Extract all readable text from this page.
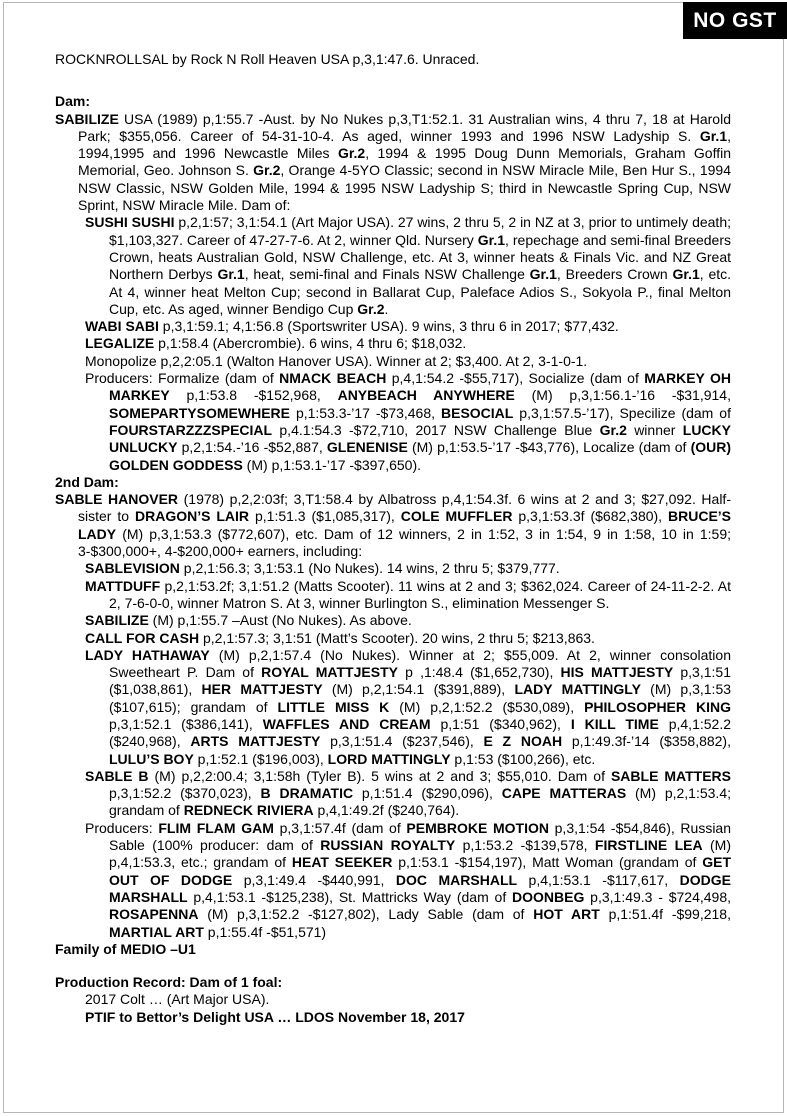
NO GST
ROCKNROLLSAL by Rock N Roll Heaven USA p,3,1:47.6. Unraced.
Dam:
SABILIZE USA (1989) p,1:55.7 -Aust. by No Nukes p,3,T1:52.1. 31 Australian wins, 4 thru 7, 18 at Harold Park; $355,056. Career of 54-31-10-4. As aged, winner 1993 and 1996 NSW Ladyship S. Gr.1, 1994,1995 and 1996 Newcastle Miles Gr.2, 1994 & 1995 Doug Dunn Memorials, Graham Goffin Memorial, Geo. Johnson S. Gr.2, Orange 4-5YO Classic; second in NSW Miracle Mile, Ben Hur S., 1994 NSW Classic, NSW Golden Mile, 1994 & 1995 NSW Ladyship S; third in Newcastle Spring Cup, NSW Sprint, NSW Miracle Mile. Dam of:
SUSHI SUSHI p,2,1:57; 3,1:54.1 (Art Major USA). 27 wins, 2 thru 5, 2 in NZ at 3, prior to untimely death; $1,103,327. Career of 47-27-7-6. At 2, winner Qld. Nursery Gr.1, repechage and semi-final Breeders Crown, heats Australian Gold, NSW Challenge, etc. At 3, winner heats & Finals Vic. and NZ Great Northern Derbys Gr.1, heat, semi-final and Finals NSW Challenge Gr.1, Breeders Crown Gr.1, etc. At 4, winner heat Melton Cup; second in Ballarat Cup, Paleface Adios S., Sokyola P., final Melton Cup, etc. As aged, winner Bendigo Cup Gr.2.
WABI SABI p,3,1:59.1; 4,1:56.8 (Sportswriter USA). 9 wins, 3 thru 6 in 2017; $77,432.
LEGALIZE p,1:58.4 (Abercrombie). 6 wins, 4 thru 6; $18,032.
Monopolize p,2,2:05.1 (Walton Hanover USA). Winner at 2; $3,400. At 2, 3-1-0-1.
Producers: Formalize (dam of NMACK BEACH p,4,1:54.2 -$55,717), Socialize (dam of MARKEY OH MARKEY p,1:53.8 -$152,968, ANYBEACH ANYWHERE (M) p,3,1:56.1-’16 -$31,914, SOMEPARTYSOMEWHERE p,1:53.3-’17 -$73,468, BESOCIAL p,3,1:57.5-’17), Specilize (dam of FOURSTARZZZSPECIAL p,4.1:54.3 -$72,710, 2017 NSW Challenge Blue Gr.2 winner LUCKY UNLUCKY p,2,1:54.-’16 -$52,887, GLENENISE (M) p,1:53.5-’17 -$43,776), Localize (dam of (OUR) GOLDEN GODDESS (M) p,1:53.1-’17 -$397,650).
2nd Dam:
SABLE HANOVER (1978) p,2,2:03f; 3,T1:58.4 by Albatross p,4,1:54.3f. 6 wins at 2 and 3; $27,092. Half-sister to DRAGON’S LAIR p,1:51.3 ($1,085,317), COLE MUFFLER p,3,1:53.3f ($682,380), BRUCE’S LADY (M) p,3,1:53.3 ($772,607), etc. Dam of 12 winners, 2 in 1:52, 3 in 1:54, 9 in 1:58, 10 in 1:59; 3-$300,000+, 4-$200,000+ earners, including:
SABLEVISION p,2,1:56.3; 3,1:53.1 (No Nukes). 14 wins, 2 thru 5; $379,777.
MATTDUFF p,2,1:53.2f; 3,1:51.2 (Matts Scooter). 11 wins at 2 and 3; $362,024. Career of 24-11-2-2. At 2, 7-6-0-0, winner Matron S. At 3, winner Burlington S., elimination Messenger S.
SABILIZE (M) p,1:55.7 –Aust (No Nukes). As above.
CALL FOR CASH p,2,1:57.3; 3,1:51 (Matt’s Scooter). 20 wins, 2 thru 5; $213,863.
LADY HATHAWAY (M) p,2,1:57.4 (No Nukes). Winner at 2; $55,009. At 2, winner consolation Sweetheart P. Dam of ROYAL MATTJESTY p ,1:48.4 ($1,652,730), HIS MATTJESTY p,3,1:51 ($1,038,861), HER MATTJESTY (M) p,2,1:54.1 ($391,889), LADY MATTINGLY (M) p,3,1:53 ($107,615); grandam of LITTLE MISS K (M) p,2,1:52.2 ($530,089), PHILOSOPHER KING p,3,1:52.1 ($386,141), WAFFLES AND CREAM p,1:51 ($340,962), I KILL TIME p,4,1:52.2 ($240,968), ARTS MATTJESTY p,3,1:51.4 ($237,546), E Z NOAH p,1:49.3f-’14 ($358,882), LULU’S BOY p,1:52.1 ($196,003), LORD MATTINGLY p,1:53 ($100,266), etc.
SABLE B (M) p,2,2:00.4; 3,1:58h (Tyler B). 5 wins at 2 and 3; $55,010. Dam of SABLE MATTERS p,3,1:52.2 ($370,023), B DRAMATIC p,1:51.4 ($290,096), CAPE MATTERAS (M) p,2,1:53.4; grandam of REDNECK RIVIERA p,4,1:49.2f ($240,764).
Producers: FLIM FLAM GAM p,3,1:57.4f (dam of PEMBROKE MOTION p,3,1:54 -$54,846), Russian Sable (100% producer: dam of RUSSIAN ROYALTY p,1:53.2 -$139,578, FIRSTLINE LEA (M) p,4,1:53.3, etc.; grandam of HEAT SEEKER p,1:53.1 -$154,197), Matt Woman (grandam of GET OUT OF DODGE p,3,1:49.4 -$440,991, DOC MARSHALL p,4,1:53.1 -$117,617, DODGE MARSHALL p,4,1:53.1 -$125,238), St. Mattricks Way (dam of DOONBEG p,3,1:49.3 - $724,498, ROSAPENNA (M) p,3,1:52.2 -$127,802), Lady Sable (dam of HOT ART p,1:51.4f -$99,218, MARTIAL ART p,1:55.4f -$51,571)
Family of MEDIO –U1
Production Record: Dam of 1 foal:
2017 Colt … (Art Major USA).
PTIF to Bettor’s Delight USA … LDOS November 18, 2017
